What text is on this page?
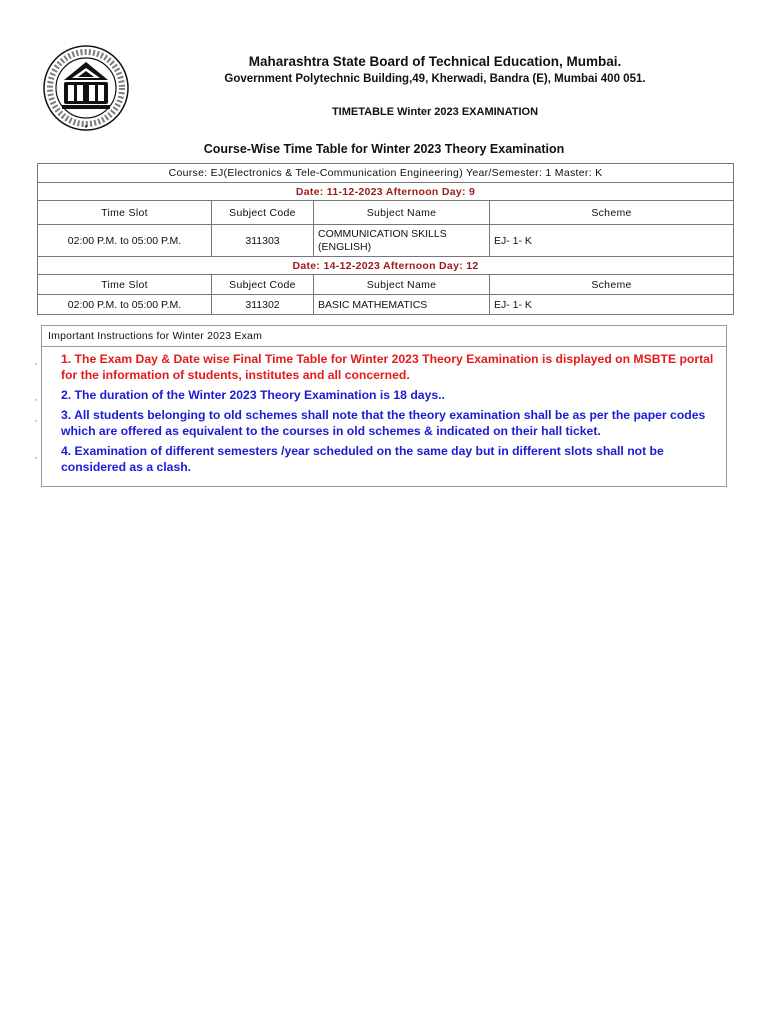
★
Maharashtra State Board of Technical Education, Mumbai.
Government Polytechnic Building,49, Kherwadi, Bandra (E), Mumbai 400 051.
TIMETABLE Winter 2023 EXAMINATION
Course-Wise Time Table for Winter 2023 Theory Examination
Course: EJ(Electronics & Tele-Communication Engineering) Year/Semester: 1 Master: K			
Date: 11-12-2023 Afternoon Day: 9			
Time Slot	Subject Code	Subject Name	Scheme
02:00 P.M. to 05:00 P.M.	311303	COMMUNICATION SKILLS (ENGLISH)	EJ- 1- K
Date: 14-12-2023 Afternoon Day: 12			
Time Slot	Subject Code	Subject Name	Scheme
02:00 P.M. to 05:00 P.M.	311302	BASIC MATHEMATICS	EJ- 1- K
Important Instructions for Winter 2023 Exam
1. The Exam Day & Date wise Final Time Table for Winter 2023 Theory Examination is displayed on MSBTE portal for the information of students, institutes and all concerned.
2. The duration of the Winter 2023 Theory Examination is 18 days..
3. All students belonging to old schemes shall note that the theory examination shall be as per the paper codes which are offered as equivalent to the courses in old schemes & indicated on their hall ticket.
4. Examination of different semesters /year scheduled on the same day but in different slots shall not be considered as a clash.
,
,
,
,
